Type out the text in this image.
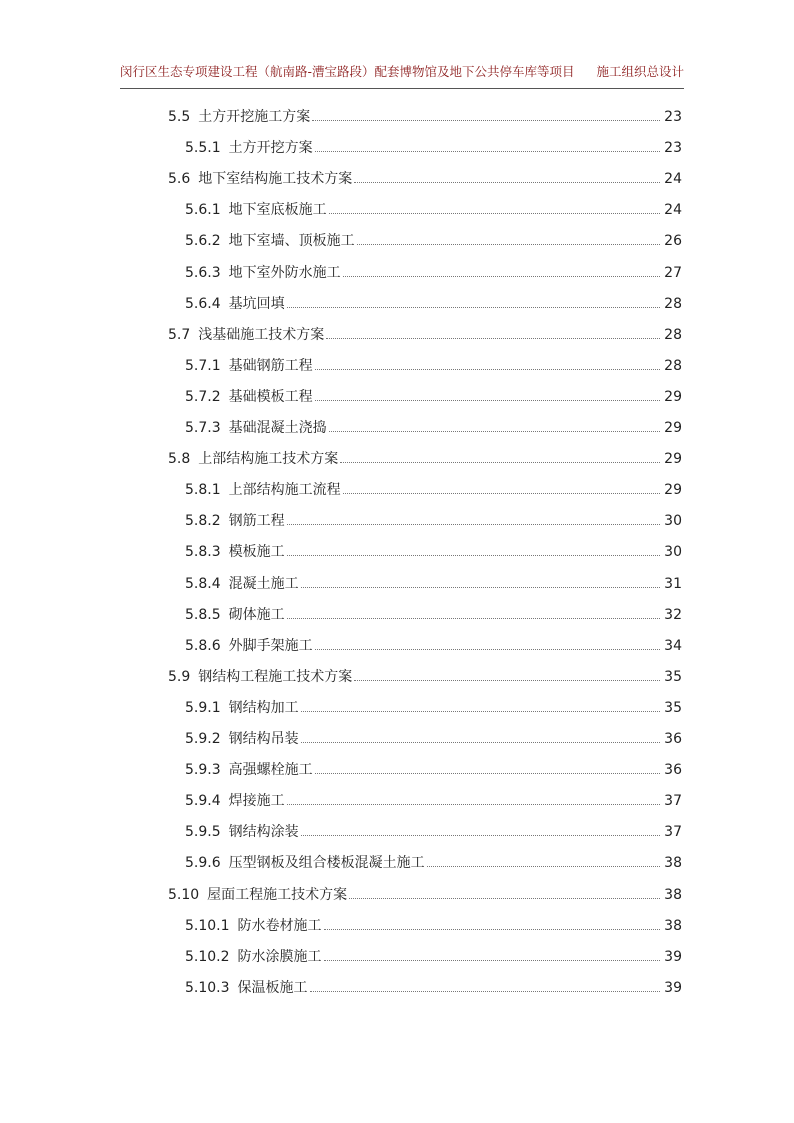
闵行区生态专项建设工程（航南路-漕宝路段）配套博物馆及地下公共停车库等项目 施工组织总设计
5.5 土方开挖施工方案	23
5.5.1 土方开挖方案	23
5.6 地下室结构施工技术方案	24
5.6.1 地下室底板施工	24
5.6.2 地下室墙、顶板施工	26
5.6.3 地下室外防水施工	27
5.6.4 基坑回填	28
5.7 浅基础施工技术方案	28
5.7.1 基础钢筋工程	28
5.7.2 基础模板工程	29
5.7.3 基础混凝土浇捣	29
5.8 上部结构施工技术方案	29
5.8.1 上部结构施工流程	29
5.8.2 钢筋工程	30
5.8.3 模板施工	30
5.8.4 混凝土施工	31
5.8.5 砌体施工	32
5.8.6 外脚手架施工	34
5.9 钢结构工程施工技术方案	35
5.9.1 钢结构加工	35
5.9.2 钢结构吊装	36
5.9.3 高强螺栓施工	36
5.9.4 焊接施工	37
5.9.5 钢结构涂装	37
5.9.6 压型钢板及组合楼板混凝土施工	38
5.10 屋面工程施工技术方案	38
5.10.1 防水卷材施工	38
5.10.2 防水涂膜施工	39
5.10.3 保温板施工	39
